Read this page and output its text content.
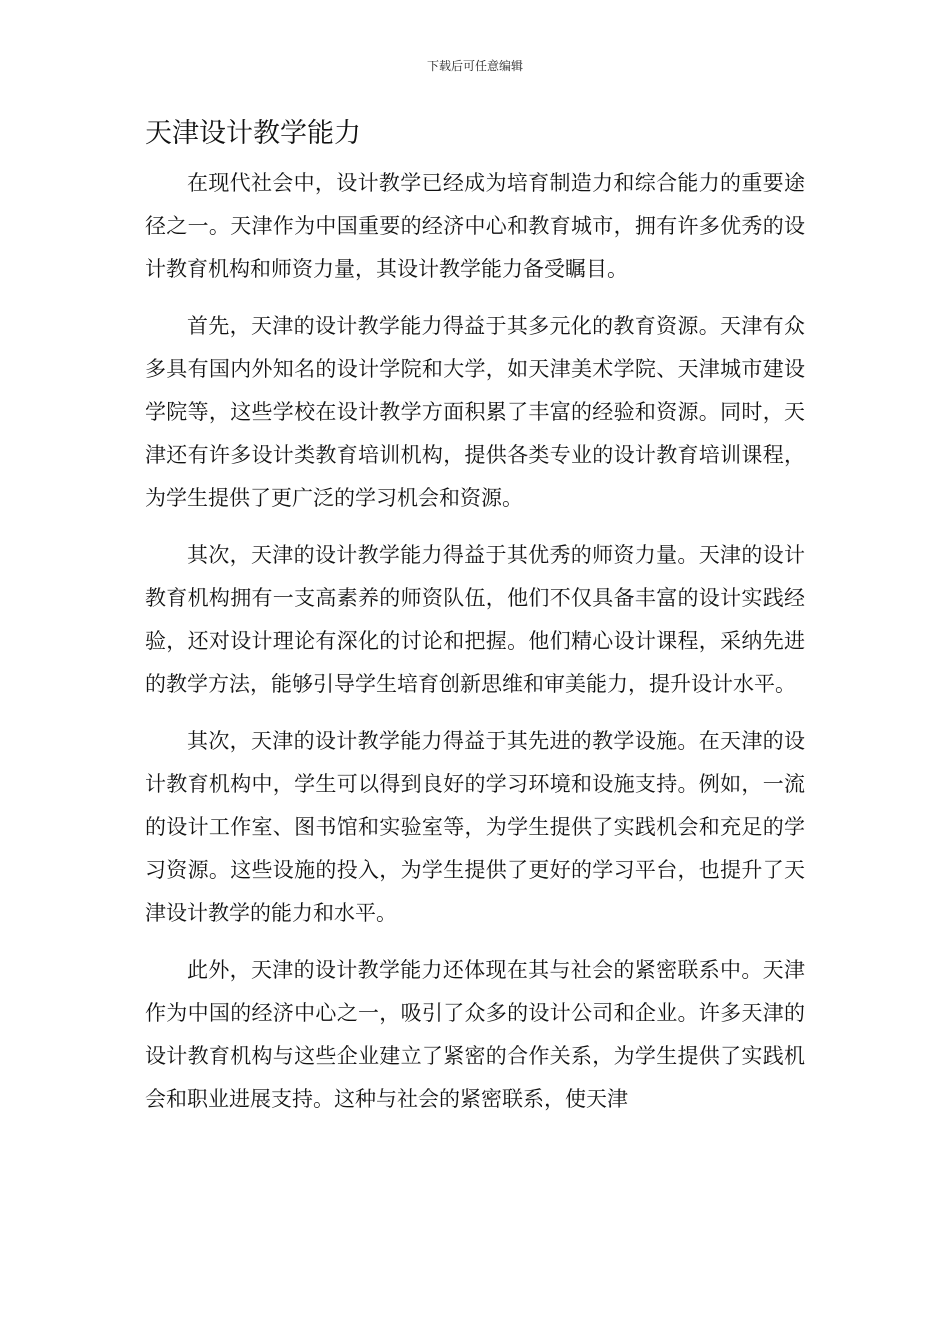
下载后可任意编辑
天津设计教学能力

在现代社会中，设计教学已经成为培育制造力和综合能力的重要途径之一。天津作为中国重要的经济中心和教育城市，拥有许多优秀的设计教育机构和师资力量，其设计教学能力备受瞩目。

首先，天津的设计教学能力得益于其多元化的教育资源。天津有众多具有国内外知名的设计学院和大学，如天津美术学院、天津城市建设学院等，这些学校在设计教学方面积累了丰富的经验和资源。同时，天津还有许多设计类教育培训机构，提供各类专业的设计教育培训课程，为学生提供了更广泛的学习机会和资源。

其次，天津的设计教学能力得益于其优秀的师资力量。天津的设计教育机构拥有一支高素养的师资队伍，他们不仅具备丰富的设计实践经验，还对设计理论有深化的讨论和把握。他们精心设计课程，采纳先进的教学方法，能够引导学生培育创新思维和审美能力，提升设计水平。

其次，天津的设计教学能力得益于其先进的教学设施。在天津的设计教育机构中，学生可以得到良好的学习环境和设施支持。例如，一流的设计工作室、图书馆和实验室等，为学生提供了实践机会和充足的学习资源。这些设施的投入，为学生提供了更好的学习平台，也提升了天津设计教学的能力和水平。

此外，天津的设计教学能力还体现在其与社会的紧密联系中。天津作为中国的经济中心之一，吸引了众多的设计公司和企业。许多天津的设计教育机构与这些企业建立了紧密的合作关系，为学生提供了实践机会和职业进展支持。这种与社会的紧密联系，使天津
